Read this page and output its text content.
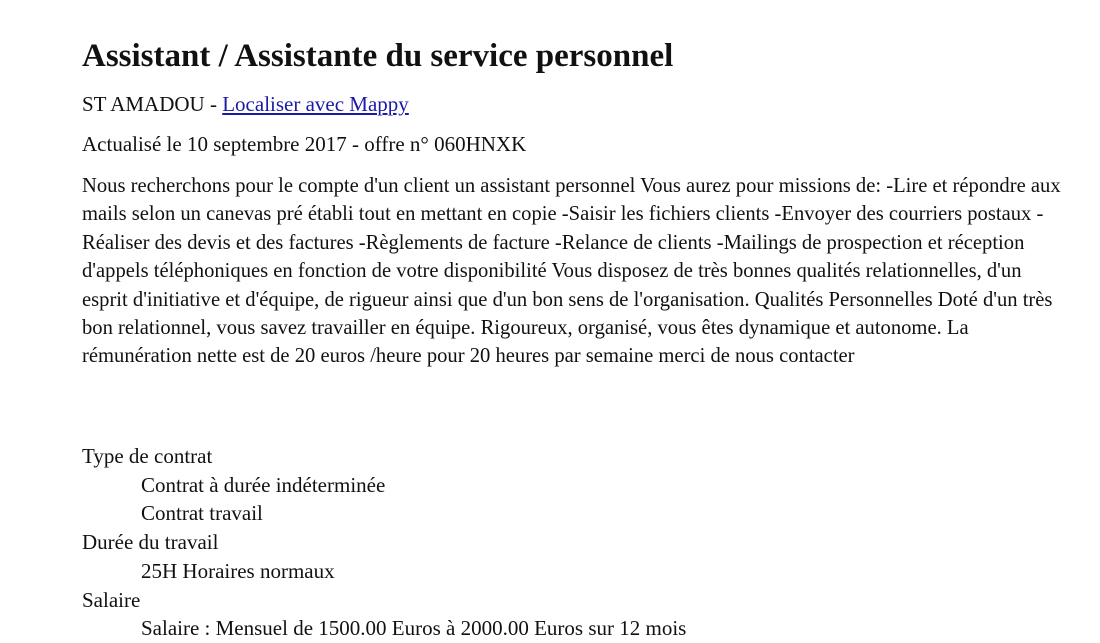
Assistant / Assistante du service personnel
ST AMADOU - Localiser avec Mappy
Actualisé le 10 septembre 2017 - offre n° 060HNXK

Nous recherchons pour le compte d'un client un assistant personnel Vous aurez pour missions de: -Lire et répondre aux mails selon un canevas pré établi tout en mettant en copie -Saisir les fichiers clients -Envoyer des courriers postaux -Réaliser des devis et des factures -Règlements de facture -Relance de clients -Mailings de prospection et réception d'appels téléphoniques en fonction de votre disponibilité Vous disposez de très bonnes qualités relationnelles, d'un esprit d'initiative et d'équipe, de rigueur ainsi que d'un bon sens de l'organisation. Qualités Personnelles Doté d'un très bon relationnel, vous savez travailler en équipe. Rigoureux, organisé, vous êtes dynamique et autonome. La rémunération nette est de 20 euros /heure pour 20 heures par semaine merci de nous contacter

Type de contrat
Contrat à durée indéterminée
Contrat travail
Durée du travail
25H Horaires normaux
Salaire
Salaire : Mensuel de 1500.00 Euros à 2000.00 Euros sur 12 mois
